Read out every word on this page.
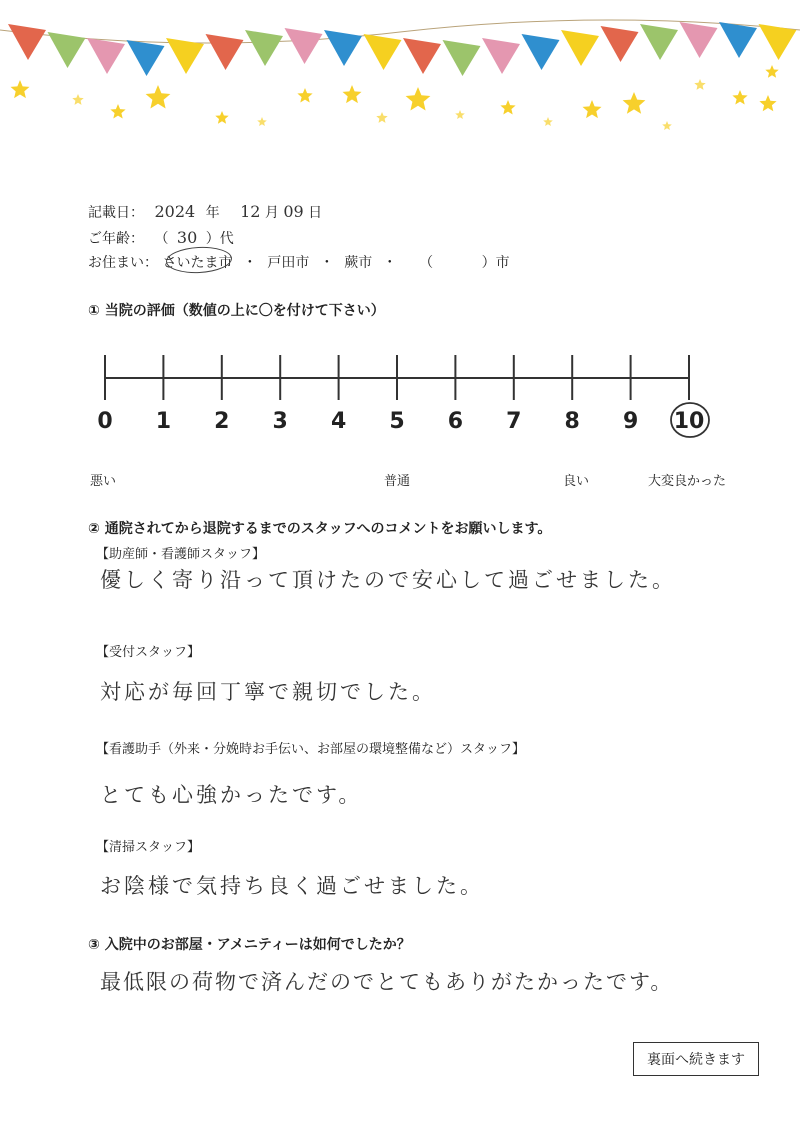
記載日： 2024 年 12 月 09 日
ご年齢： （ 30 ）代
お住まい： さいたま市 ・ 戸田市 ・ 蕨市 ・ （	）市
① 当院の評価（数値の上に〇を付けて下さい）
0 1 2 3 4 5 6 7 8 9 10
悪い	普通	良い	大変良かった
② 通院されてから退院するまでのスタッフへのコメントをお願いします。
【助産師・看護師スタッフ】
優しく寄り沿って頂けたので安心して過ごせました。
【受付スタッフ】
対応が毎回丁寧で親切でした。
【看護助手（外来・分娩時お手伝い、お部屋の環境整備など）スタッフ】
とても心強かったです。
【清掃スタッフ】
お陰様で気持ち良く過ごせました。
③ 入院中のお部屋・アメニティーは如何でしたか？
最低限の荷物で済んだのでとてもありがたかったです。
裏面へ続きます
